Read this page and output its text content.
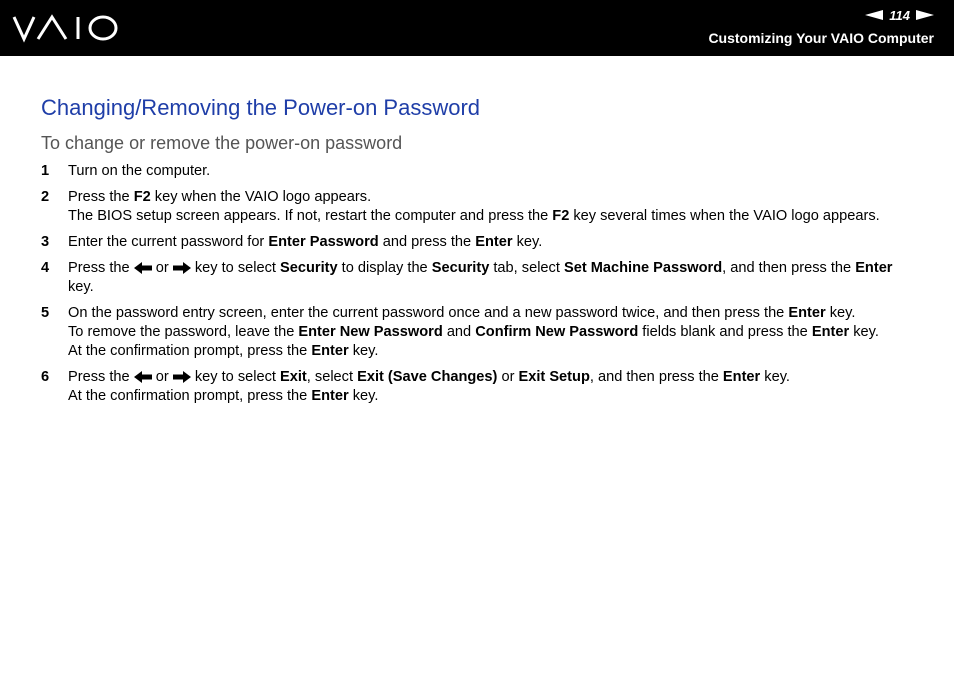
114
Customizing Your VAIO Computer
Changing/Removing the Power-on Password
To change or remove the power-on password
1	Turn on the computer.

2	Press the F2 key when the VAIO logo appears.

The BIOS setup screen appears. If not, restart the computer and press the F2 key several times when the VAIO logo appears.

3	Enter the current password for Enter Password and press the Enter key.

4	Press the  or  key to select Security to display the Security tab, select Set Machine Password, and then press the Enter key.

5	On the password entry screen, enter the current password once and a new password twice, and then press the Enter key.

To remove the password, leave the Enter New Password and Confirm New Password fields blank and press the Enter key.

At the confirmation prompt, press the Enter key.

6	Press the  or  key to select Exit, select Exit (Save Changes) or Exit Setup, and then press the Enter key.

At the confirmation prompt, press the Enter key.
